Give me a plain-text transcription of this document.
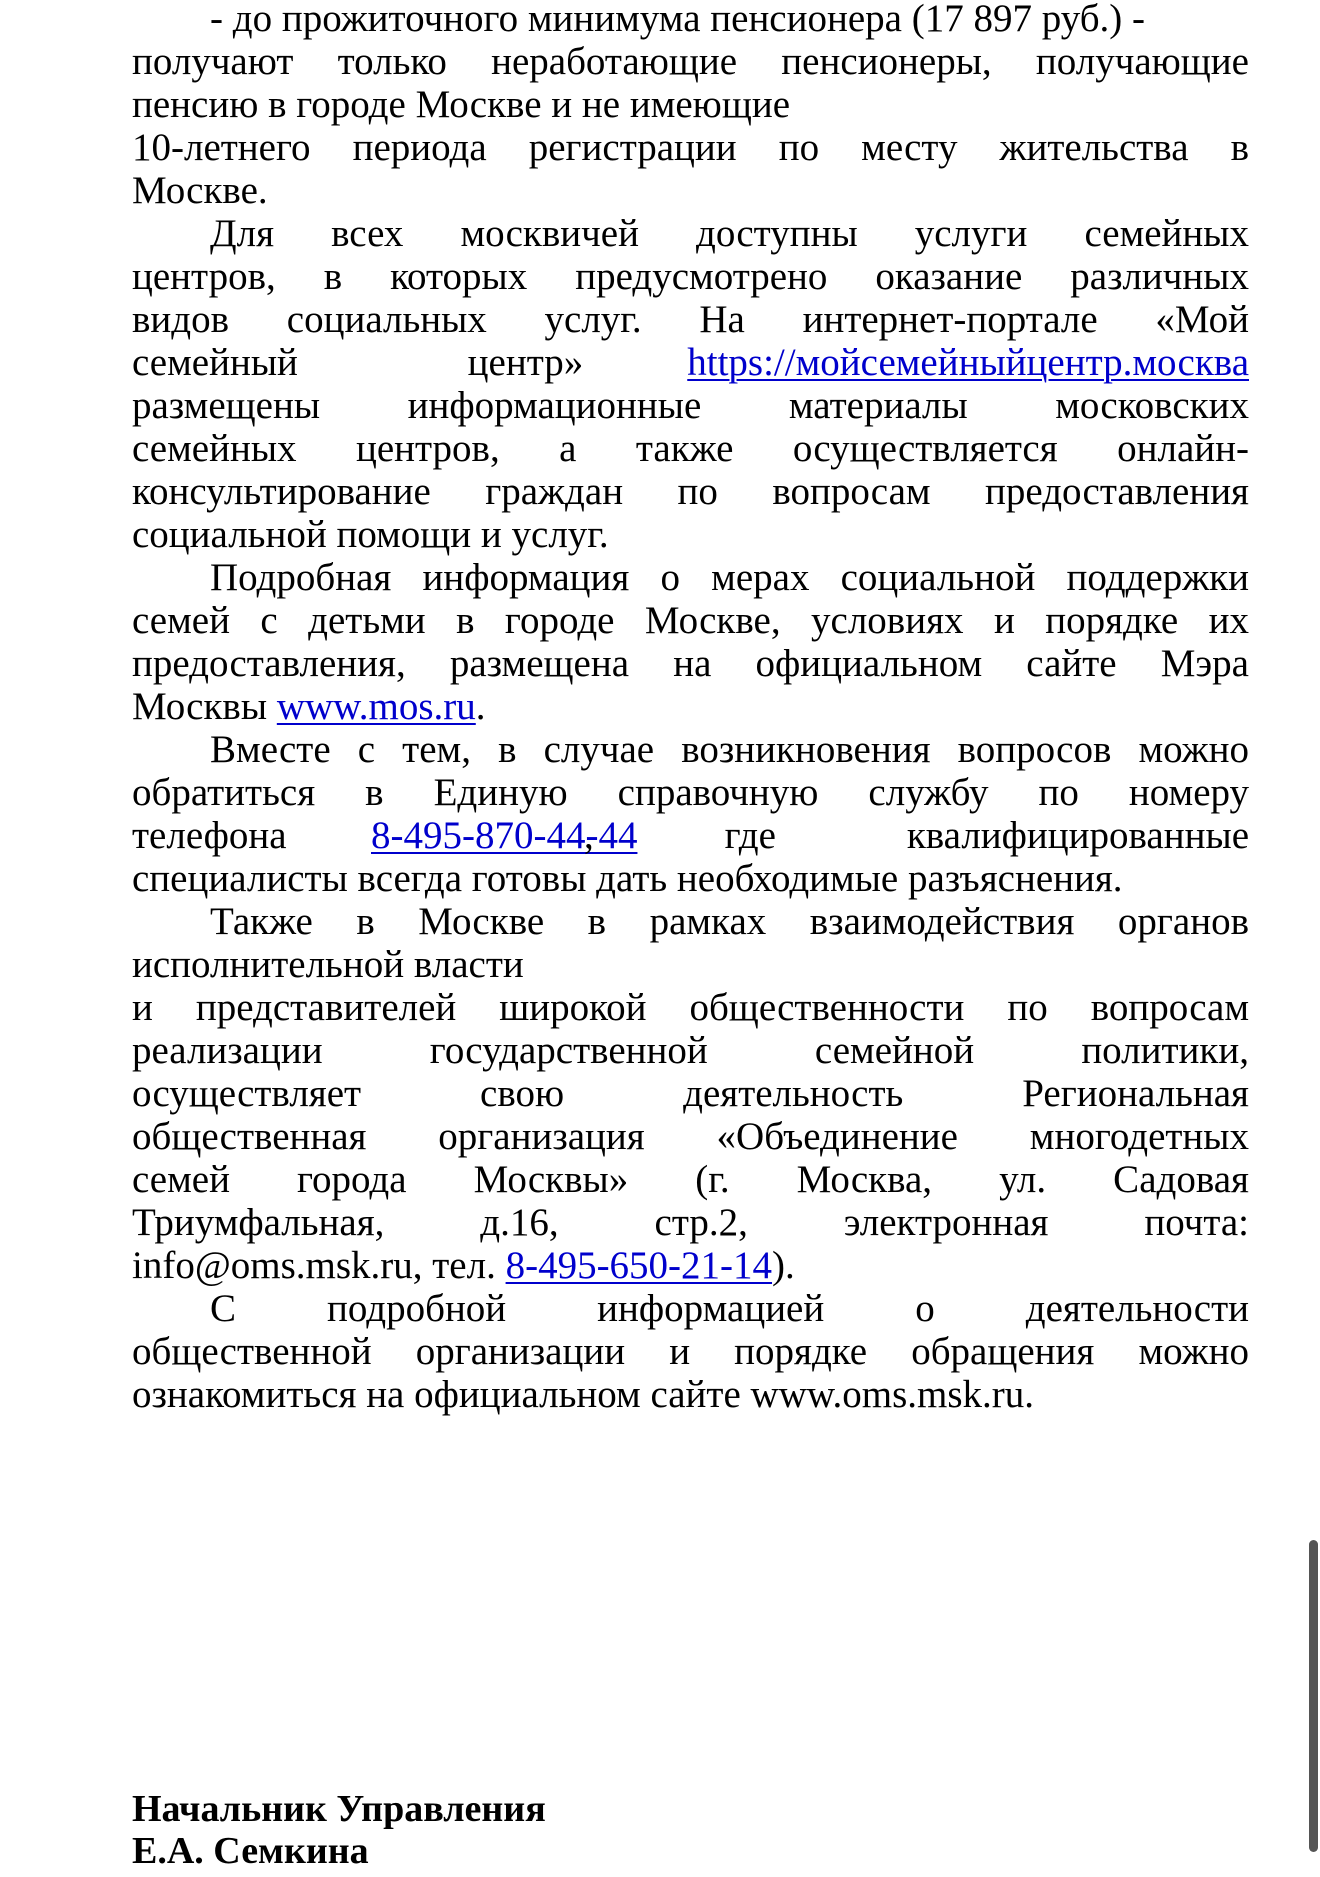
- до прожиточного минимума пенсионера (17 897 руб.) -
получают только неработающие пенсионеры, получающие
пенсию в городе Москве и не имеющие
10-летнего периода регистрации по месту жительства в
Москве.
Для всех москвичей доступны услуги семейных
центров, в которых предусмотрено оказание различных
видов социальных услуг. На интернет-портале «Мой
семейный центр»	https://мойсемейныйцентр.москва
размещены информационные материалы московских
семейных центров, а также осуществляется онлайн-
консультирование граждан по вопросам предоставления
социальной помощи и услуг.
Подробная информация о мерах социальной поддержки
семей с детьми в городе Москве, условиях и порядке их
предоставления, размещена на официальном сайте Мэра
Москвы www.mos.ru.
Вместе с тем, в случае возникновения вопросов можно
обратиться в Единую справочную службу по номеру
телефона 8-495-870-44-44
, где квалифицированные
специалисты всегда готовы дать необходимые разъяснения.
Также в Москве в рамках взаимодействия органов
исполнительной власти
и представителей широкой общественности по вопросам
реализации государственной семейной политики,
осуществляет свою деятельность Региональная
общественная организация «Объединение многодетных
семей города Москвы» (г. Москва, ул. Садовая
Триумфальная, д.16, стр.2, электронная почта:
info@oms.msk.ru, тел. 8-495-650-21-14).
С подробной информацией о деятельности
общественной организации и порядке обращения можно
ознакомиться на официальном сайте www.oms.msk.ru.
Начальник Управления
Е.А. Семкина
